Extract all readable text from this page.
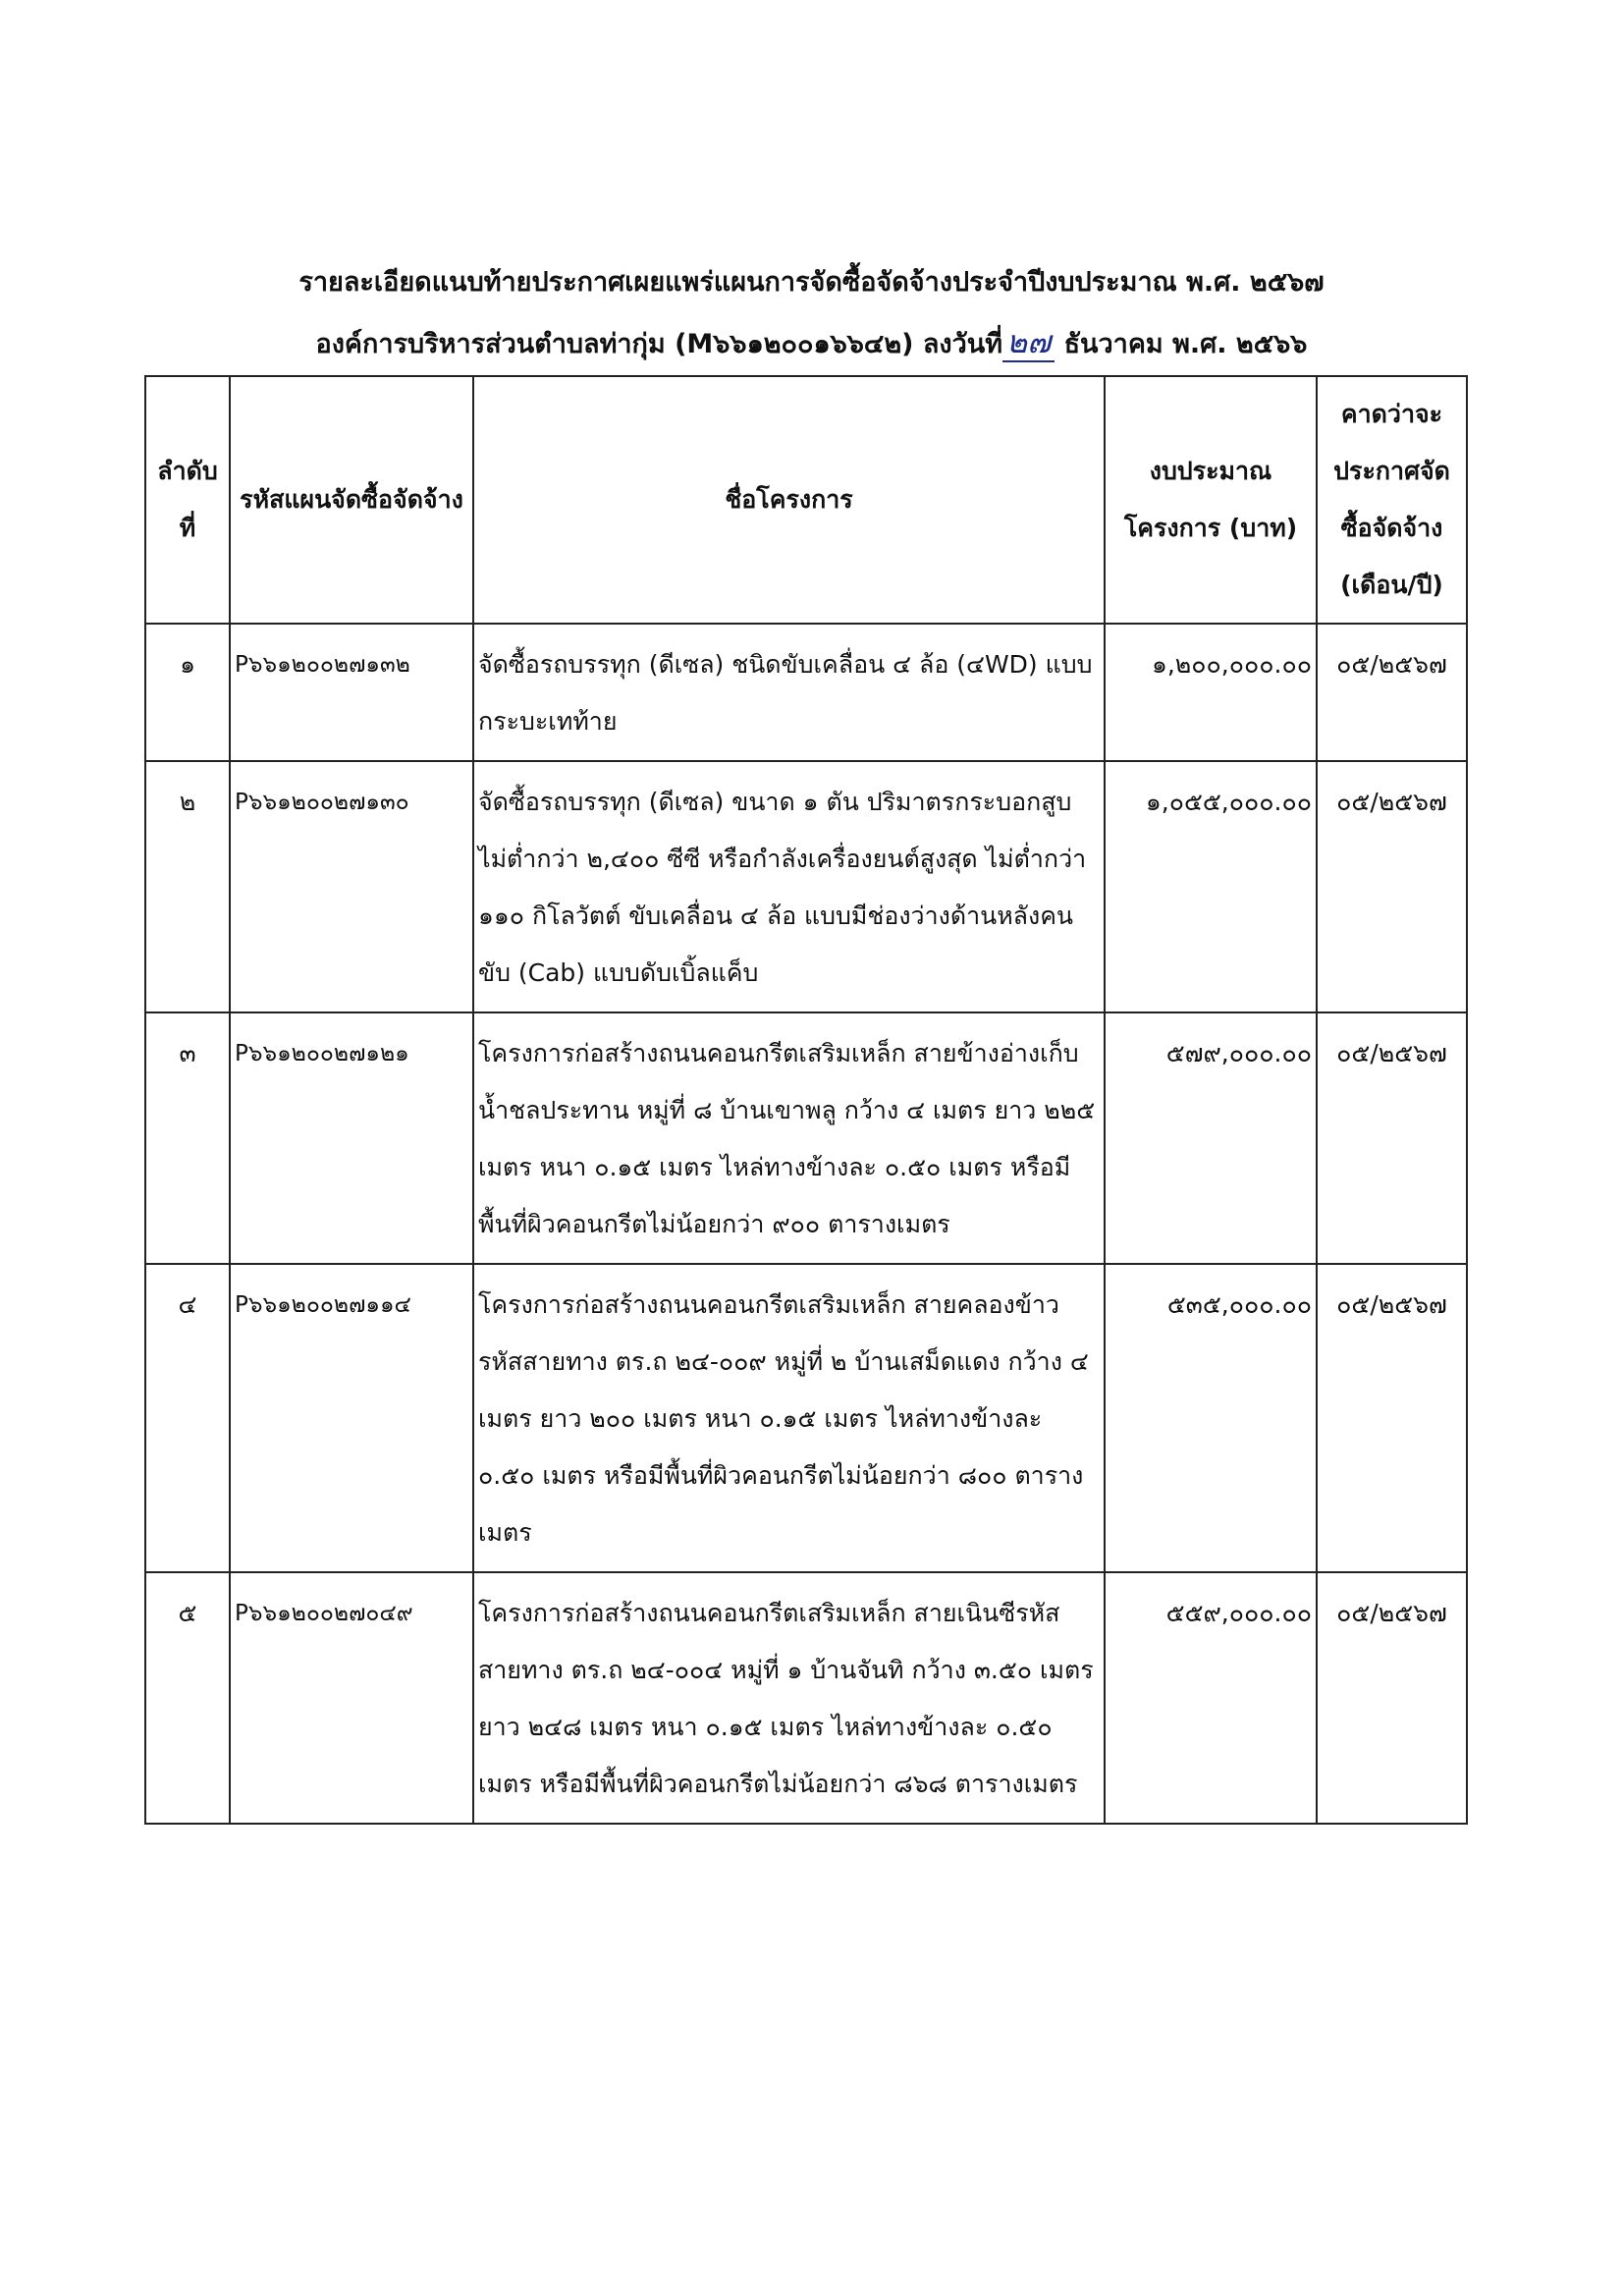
รายละเอียดแนบท้ายประกาศเผยแพร่แผนการจัดซื้อจัดจ้างประจำปีงบประมาณ พ.ศ. ๒๕๖๗
องค์การบริหารส่วนตำบลท่ากุ่ม (M๖๖๑๒๐๐๑๖๖๔๒) ลงวันที่ ๒๗ ธันวาคม พ.ศ. ๒๕๖๖
ลำดับที่	รหัสแผนจัดซื้อจัดจ้าง	ชื่อโครงการ	งบประมาณโครงการ (บาท)	คาดว่าจะประกาศจัดซื้อจัดจ้าง (เดือน/ปี)
๑	P๖๖๑๒๐๐๒๗๑๓๒	จัดซื้อรถบรรทุก (ดีเซล) ชนิดขับเคลื่อน ๔ ล้อ (๔WD) แบบกระบะเทท้าย	๑,๒๐๐,๐๐๐.๐๐	๐๕/๒๕๖๗
๒	P๖๖๑๒๐๐๒๗๑๓๐	จัดซื้อรถบรรทุก (ดีเซล) ขนาด ๑ ตัน ปริมาตรกระบอกสูบไม่ต่ำกว่า ๒,๔๐๐ ซีซี หรือกำลังเครื่องยนต์สูงสุด ไม่ต่ำกว่า ๑๑๐ กิโลวัตต์ ขับเคลื่อน ๔ ล้อ แบบมีช่องว่างด้านหลังคนขับ (Cab) แบบดับเบิ้ลแค็บ	๑,๐๕๕,๐๐๐.๐๐	๐๕/๒๕๖๗
๓	P๖๖๑๒๐๐๒๗๑๒๑	โครงการก่อสร้างถนนคอนกรีตเสริมเหล็ก สายข้างอ่างเก็บน้ำชลประทาน หมู่ที่ ๘ บ้านเขาพลู กว้าง ๔ เมตร ยาว ๒๒๕ เมตร หนา ๐.๑๕ เมตร ไหล่ทางข้างละ ๐.๕๐ เมตร หรือมีพื้นที่ผิวคอนกรีตไม่น้อยกว่า ๙๐๐ ตารางเมตร	๕๗๙,๐๐๐.๐๐	๐๕/๒๕๖๗
๔	P๖๖๑๒๐๐๒๗๑๑๔	โครงการก่อสร้างถนนคอนกรีตเสริมเหล็ก สายคลองข้าว รหัสสายทาง ตร.ถ ๒๔-๐๐๙ หมู่ที่ ๒ บ้านเสม็ดแดง กว้าง ๔ เมตร ยาว ๒๐๐ เมตร หนา ๐.๑๕ เมตร ไหล่ทางข้างละ ๐.๕๐ เมตร หรือมีพื้นที่ผิวคอนกรีตไม่น้อยกว่า ๘๐๐ ตารางเมตร	๕๓๕,๐๐๐.๐๐	๐๕/๒๕๖๗
๕	P๖๖๑๒๐๐๒๗๐๔๙	โครงการก่อสร้างถนนคอนกรีตเสริมเหล็ก สายเนินซีรหัสสายทาง ตร.ถ ๒๔-๐๐๔ หมู่ที่ ๑ บ้านจันทิ กว้าง ๓.๕๐ เมตร ยาว ๒๔๘ เมตร หนา ๐.๑๕ เมตร ไหล่ทางข้างละ ๐.๕๐ เมตร หรือมีพื้นที่ผิวคอนกรีตไม่น้อยกว่า ๘๖๘ ตารางเมตร	๕๕๙,๐๐๐.๐๐	๐๕/๒๕๖๗
